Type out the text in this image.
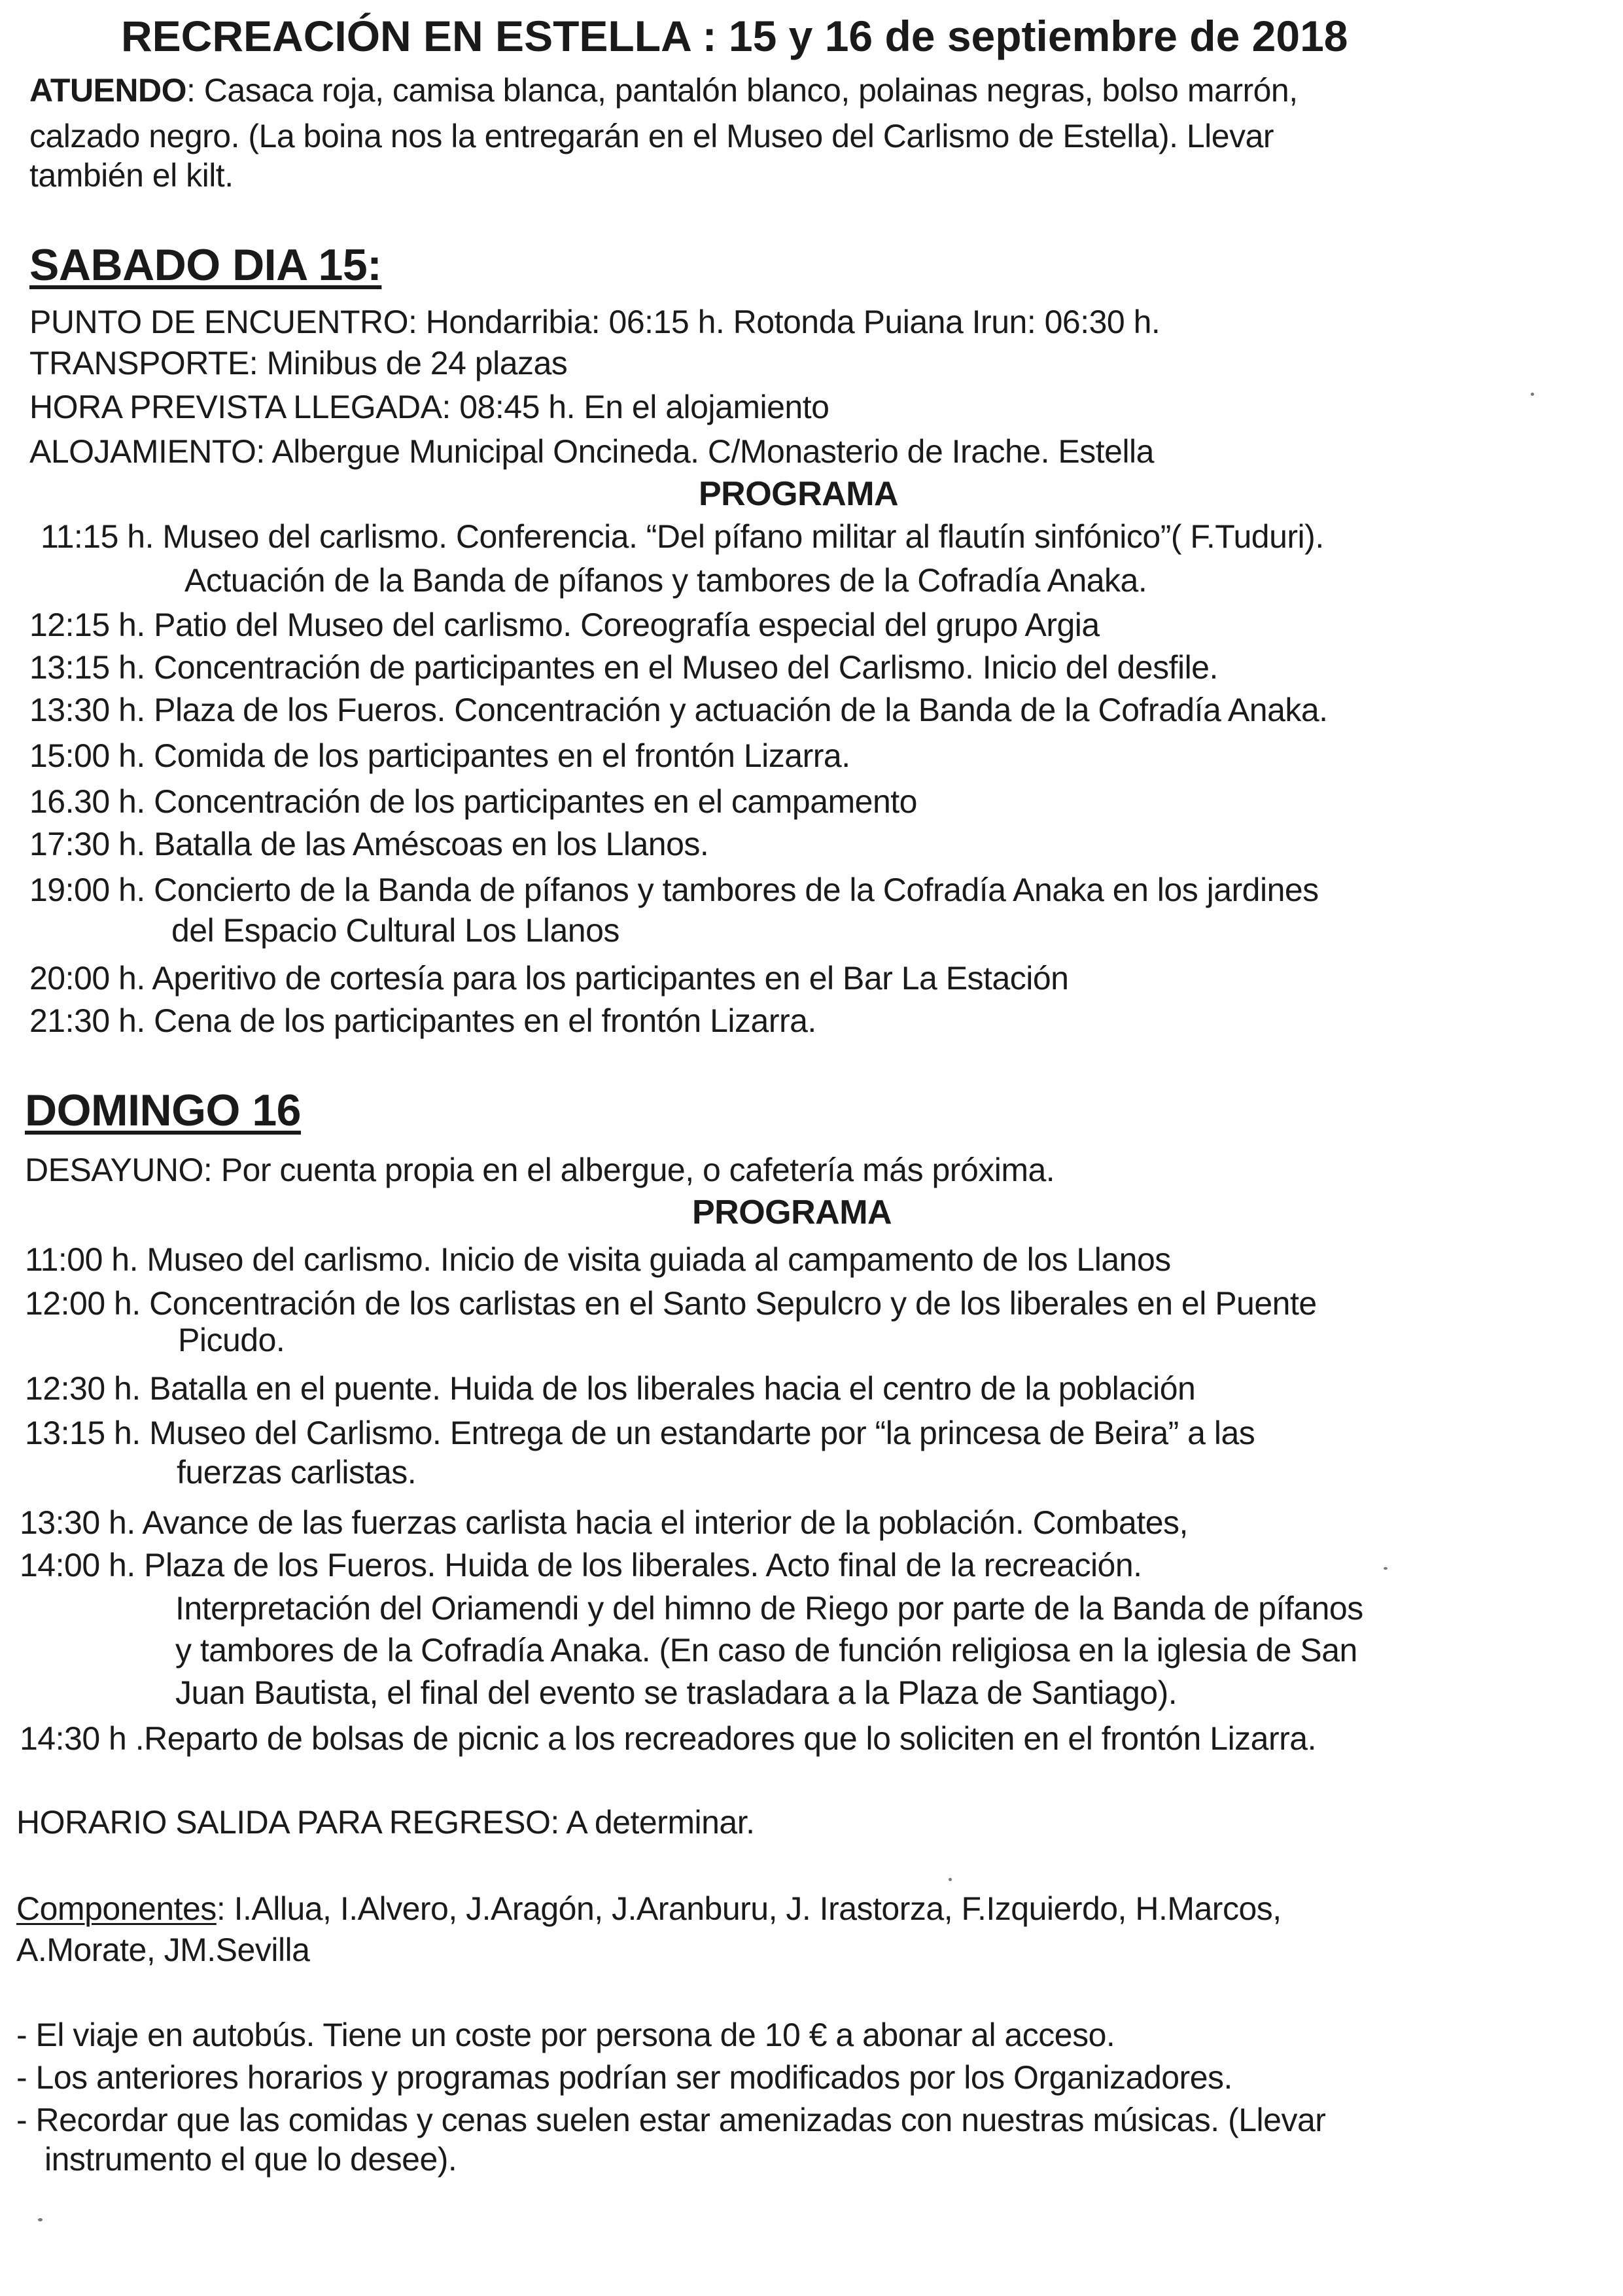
RECREACIÓN EN ESTELLA : 15 y 16 de septiembre de 2018
ATUENDO: Casaca roja, camisa blanca, pantalón blanco, polainas negras, bolso marrón,
calzado negro. (La boina nos la entregarán en el Museo del Carlismo de Estella). Llevar
también el kilt.
SABADO DIA 15:
PUNTO DE ENCUENTRO: Hondarribia: 06:15 h. Rotonda Puiana Irun: 06:30 h.
TRANSPORTE: Minibus de 24 plazas
HORA PREVISTA LLEGADA: 08:45 h. En el alojamiento
ALOJAMIENTO: Albergue Municipal Oncineda. C/Monasterio de Irache. Estella
PROGRAMA
11:15 h. Museo del carlismo. Conferencia. “Del pífano militar al flautín sinfónico”( F.Tuduri).
Actuación de la Banda de pífanos y tambores de la Cofradía Anaka.
12:15 h. Patio del Museo del carlismo. Coreografía especial del grupo Argia
13:15 h. Concentración de participantes en el Museo del Carlismo. Inicio del desfile.
13:30 h. Plaza de los Fueros. Concentración y actuación de la Banda de la Cofradía Anaka.
15:00 h. Comida de los participantes en el frontón Lizarra.
16.30 h. Concentración de los participantes en el campamento
17:30 h. Batalla de las Améscoas en los Llanos.
19:00 h. Concierto de la Banda de pífanos y tambores de la Cofradía Anaka en los jardines
del Espacio Cultural Los Llanos
20:00 h. Aperitivo de cortesía para los participantes en el Bar La Estación
21:30 h. Cena de los participantes en el frontón Lizarra.
DOMINGO 16
DESAYUNO: Por cuenta propia en el albergue, o cafetería más próxima.
PROGRAMA
11:00 h. Museo del carlismo. Inicio de visita guiada al campamento de los Llanos
12:00 h. Concentración de los carlistas en el Santo Sepulcro y de los liberales en el Puente
Picudo.
12:30 h. Batalla en el puente. Huida de los liberales hacia el centro de la población
13:15 h. Museo del Carlismo. Entrega de un estandarte por “la princesa de Beira” a las
fuerzas carlistas.
13:30 h. Avance de las fuerzas carlista hacia el interior de la población. Combates,
14:00 h. Plaza de los Fueros. Huida de los liberales. Acto final de la recreación.
Interpretación del Oriamendi y del himno de Riego por parte de la Banda de pífanos
y tambores de la Cofradía Anaka. (En caso de función religiosa en la iglesia de San
Juan Bautista, el final del evento se trasladara a la Plaza de Santiago).
14:30 h .Reparto de bolsas de picnic a los recreadores que lo soliciten en el frontón Lizarra.
HORARIO SALIDA PARA REGRESO: A determinar.
Componentes: I.Allua, I.Alvero, J.Aragón, J.Aranburu, J. Irastorza, F.Izquierdo, H.Marcos,
A.Morate, JM.Sevilla
- El viaje en autobús. Tiene un coste por persona de 10 € a abonar al acceso.
- Los anteriores horarios y programas podrían ser modificados por los Organizadores.
- Recordar que las comidas y cenas suelen estar amenizadas con nuestras músicas. (Llevar
instrumento el que lo desee).
